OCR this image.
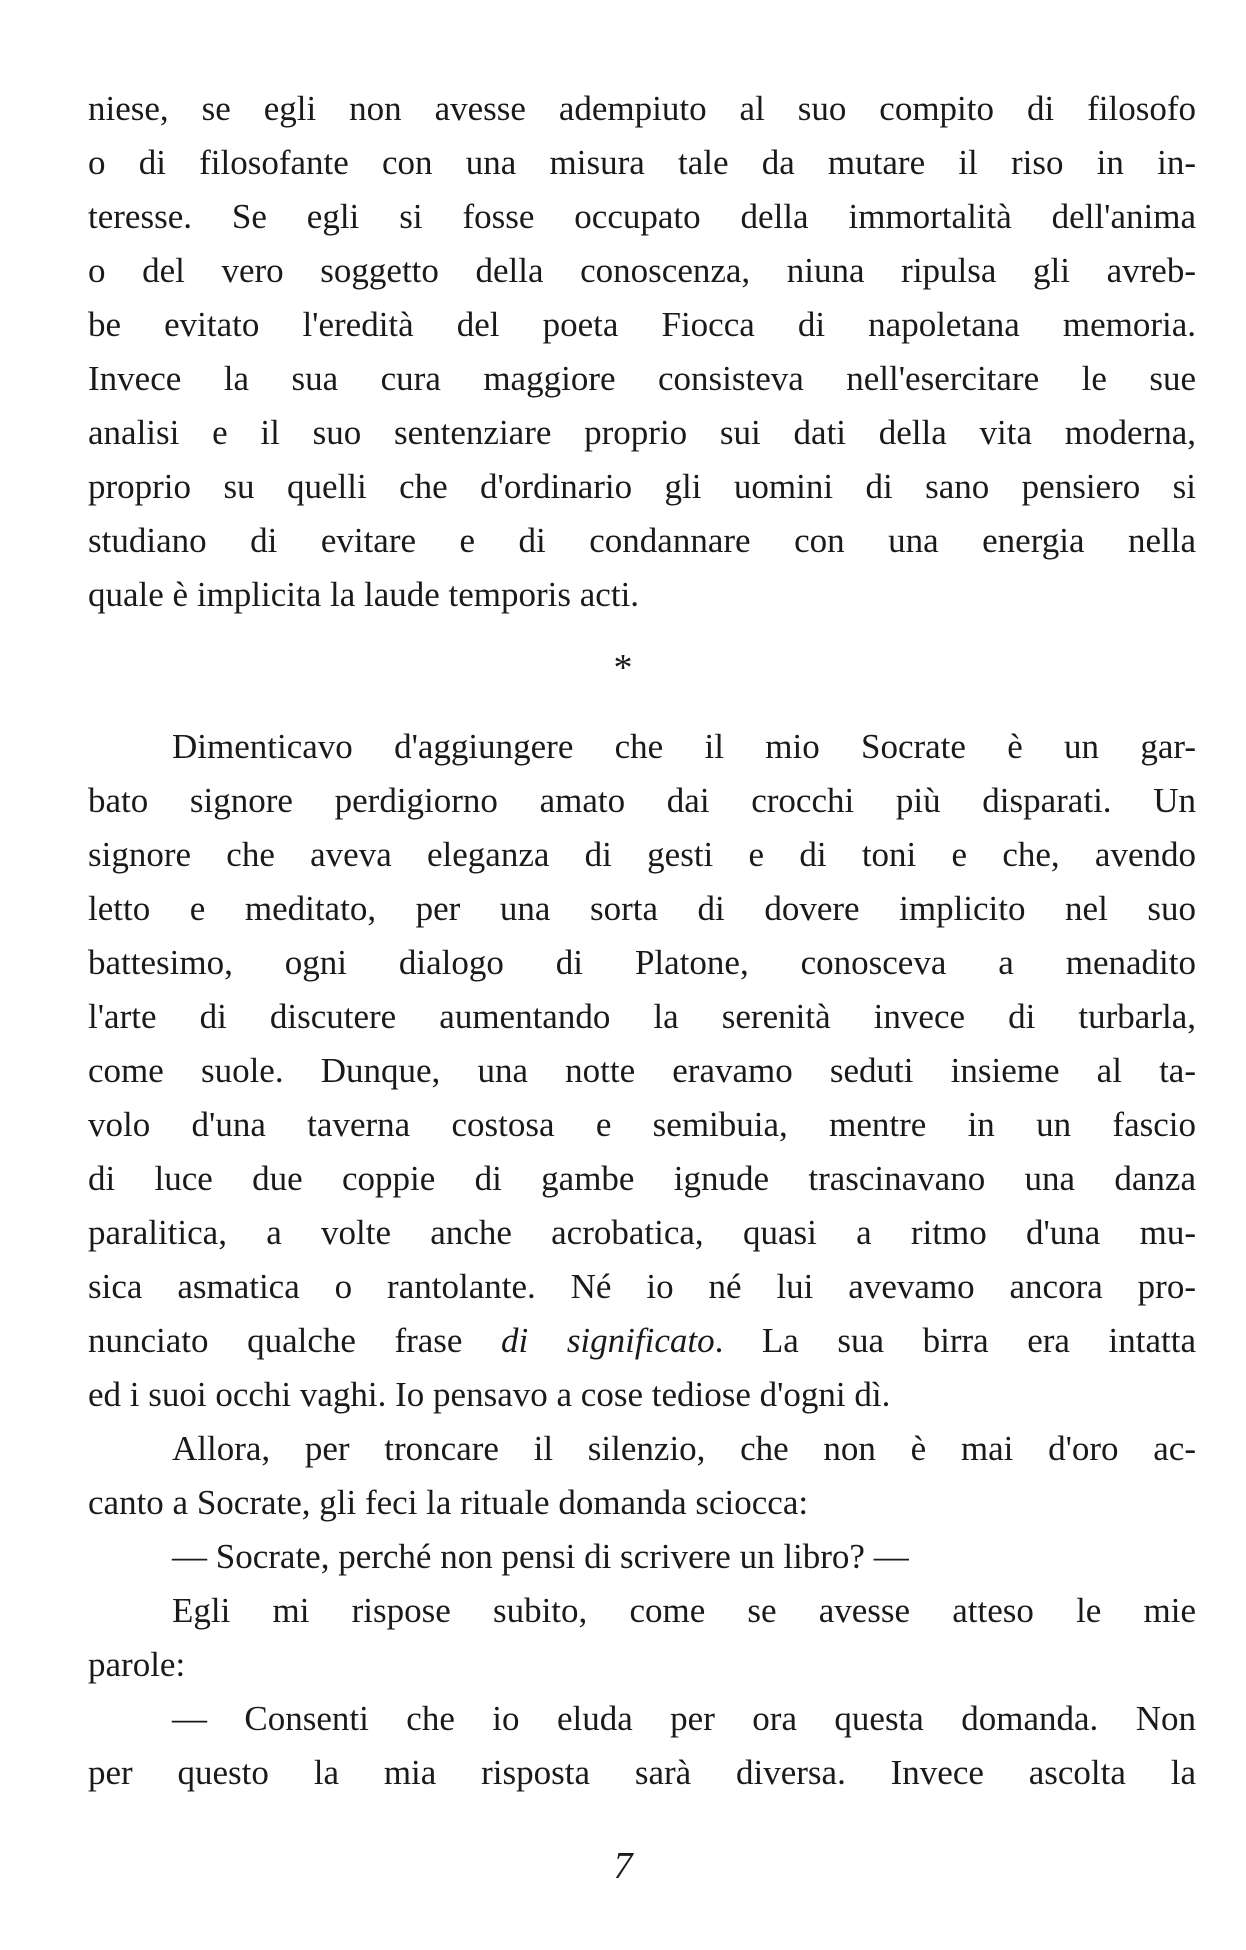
niese, se egli non avesse adempiuto al suo compito di filosofo
o di filosofante con una misura tale da mutare il riso in in-
teresse. Se egli si fosse occupato della immortalità dell'anima
o del vero soggetto della conoscenza, niuna ripulsa gli avreb-
be evitato l'eredità del poeta Fiocca di napoletana memoria.
Invece la sua cura maggiore consisteva nell'esercitare le sue
analisi e il suo sentenziare proprio sui dati della vita moderna,
proprio su quelli che d'ordinario gli uomini di sano pensiero si
studiano di evitare e di condannare con una energia nella
quale è implicita la laude temporis acti.
*
Dimenticavo d'aggiungere che il mio Socrate è un gar-
bato signore perdigiorno amato dai crocchi più disparati. Un
signore che aveva eleganza di gesti e di toni e che, avendo
letto e meditato, per una sorta di dovere implicito nel suo
battesimo, ogni dialogo di Platone, conosceva a menadito
l'arte di discutere aumentando la serenità invece di turbarla,
come suole. Dunque, una notte eravamo seduti insieme al ta-
volo d'una taverna costosa e semibuia, mentre in un fascio
di luce due coppie di gambe ignude trascinavano una danza
paralitica, a volte anche acrobatica, quasi a ritmo d'una mu-
sica asmatica o rantolante. Né io né lui avevamo ancora pro-
nunciato qualche frase di significato. La sua birra era intatta
ed i suoi occhi vaghi. Io pensavo a cose tediose d'ogni dì.
Allora, per troncare il silenzio, che non è mai d'oro ac-
canto a Socrate, gli feci la rituale domanda sciocca:
— Socrate, perché non pensi di scrivere un libro? —
Egli mi rispose subito, come se avesse atteso le mie
parole:
— Consenti che io eluda per ora questa domanda. Non
per questo la mia risposta sarà diversa. Invece ascolta la
7
